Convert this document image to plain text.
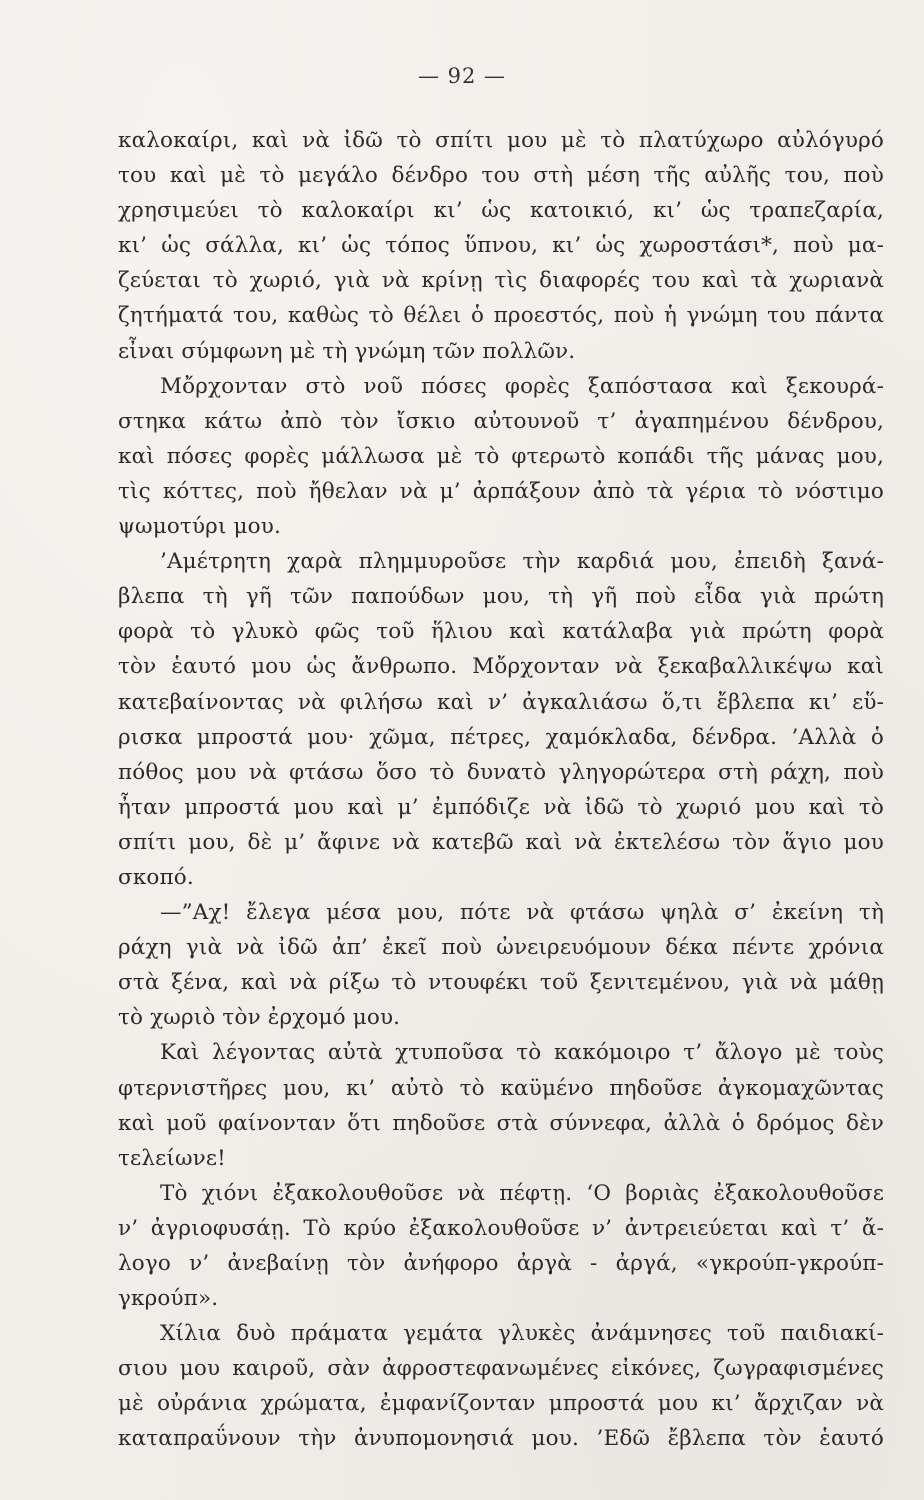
— 92 —
καλοκαίρι, καὶ νὰ ἰδῶ τὸ σπίτι μου μὲ τὸ πλατύχωρο αὐλόγυρό
του καὶ μὲ τὸ μεγάλο δένδρο του στὴ μέση τῆς αὐλῆς του, ποὺ
χρησιμεύει τὸ καλοκαίρι κι’ ὡς κατοικιό, κι’ ὡς τραπεζαρία,
κι’ ὡς σάλλα, κι’ ὡς τόπος ὕπνου, κι’ ὡς χωροστάσι*, ποὺ μα-
ζεύεται τὸ χωριό, γιὰ νὰ κρίνῃ τὶς διαφορές του καὶ τὰ χωριανὰ
ζητήματά του, καθὼς τὸ θέλει ὁ προεστός, ποὺ ἡ γνώμη του πάντα
εἶναι σύμφωνη μὲ τὴ γνώμη τῶν πολλῶν.
Μὄρχονταν στὸ νοῦ πόσες φορὲς ξαπόστασα καὶ ξεκουρά-
στηκα κάτω ἀπὸ τὸν ἴσκιο αὐτουνοῦ τ’ ἀγαπημένου δένδρου,
καὶ πόσες φορὲς μάλλωσα μὲ τὸ φτερωτὸ κοπάδι τῆς μάνας μου,
τὶς κόττες, ποὺ ἤθελαν νὰ μ’ ἀρπάξουν ἀπὸ τὰ γέρια τὸ νόστιμο
ψωμοτύρι μου.
’Αμέτρητη χαρὰ πλημμυροῦσε τὴν καρδιά μου, ἐπειδὴ ξανά-
βλεπα τὴ γῆ τῶν παπούδων μου, τὴ γῆ ποὺ εἶδα γιὰ πρώτη
φορὰ τὸ γλυκὸ φῶς τοῦ ἥλιου καὶ κατάλαβα γιὰ πρώτη φορὰ
τὸν ἑαυτό μου ὡς ἄνθρωπο. Μὄρχονταν νὰ ξεκαβαλλικέψω καὶ
κατεβαίνοντας νὰ φιλήσω καὶ ν’ ἀγκαλιάσω ὅ,τι ἔβλεπα κι’ εὕ-
ρισκα μπροστά μου· χῶμα, πέτρες, χαμόκλαδα, δένδρα. ’Αλλὰ ὁ
πόθος μου νὰ φτάσω ὅσο τὸ δυνατὸ γληγορώτερα στὴ ράχη, ποὺ
ἦταν μπροστά μου καὶ μ’ ἐμπόδιζε νὰ ἰδῶ τὸ χωριό μου καὶ τὸ
σπίτι μου, δὲ μ’ ἄφινε νὰ κατεβῶ καὶ νὰ ἐκτελέσω τὸν ἅγιο μου
σκοπό.
—”Αχ! ἔλεγα μέσα μου, πότε νὰ φτάσω ψηλὰ σ’ ἐκείνη τὴ
ράχη γιὰ νὰ ἰδῶ ἀπ’ ἐκεῖ ποὺ ὠνειρευόμουν δέκα πέντε χρόνια
στὰ ξένα, καὶ νὰ ρίξω τὸ ντουφέκι τοῦ ξενιτεμένου, γιὰ νὰ μάθῃ
τὸ χωριὸ τὸν ἐρχομό μου.
Καὶ λέγοντας αὐτὰ χτυποῦσα τὸ κακόμοιρο τ’ ἄλογο μὲ τοὺς
φτερνιστῆρες μου, κι’ αὐτὸ τὸ καϋμένο πηδοῦσε ἀγκομαχῶντας
καὶ μοῦ φαίνονταν ὅτι πηδοῦσε στὰ σύννεφα, ἀλλὰ ὁ δρόμος δὲν
τελείωνε!
Τὸ χιόνι ἐξακολουθοῦσε νὰ πέφτῃ. ‘Ο βοριὰς ἐξακολουθοῦσε
ν’ ἀγριοφυσάῃ. Τὸ κρύο ἐξακολουθοῦσε ν’ ἀντρειεύεται καὶ τ’ ἄ-
λογο ν’ ἀνεβαίνῃ τὸν ἀνήφορο ἀργὰ - ἀργά, «γκρούπ-γκρούπ-
γκρούπ».
Χίλια δυὸ πράματα γεμάτα γλυκὲς ἀνάμνησες τοῦ παιδιακί-
σιου μου καιροῦ, σὰν ἀφροστεφανωμένες εἰκόνες, ζωγραφισμένες
μὲ οὐράνια χρώματα, ἐμφανίζονταν μπροστά μου κι’ ἄρχιζαν νὰ
καταπραΰνουν τὴν ἀνυπομονησιά μου. ’Εδῶ ἔβλεπα τὸν ἑαυτό
